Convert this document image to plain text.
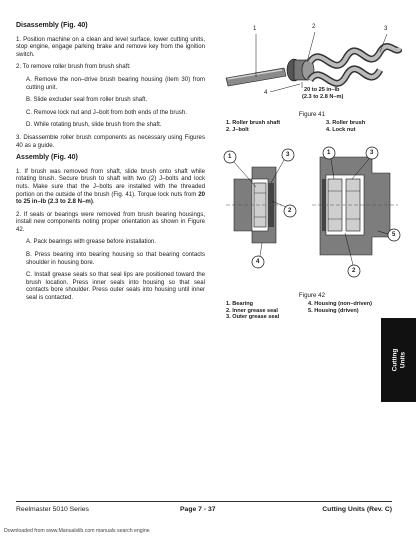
Disassembly (Fig. 40)

1. Position machine on a clean and level surface, lower cutting units, stop engine, engage parking brake and remove key from the ignition switch.

2. To remove roller brush from brush shaft:

A. Remove the non–drive brush bearing housing (item 30) from cutting unit.

B. Slide excluder seal from roller brush shaft.

C. Remove lock nut and J–bolt from both ends of the brush.

D. While rotating brush, slide brush from the shaft.

3. Disassemble roller brush components as necessary using Figures 40 as a guide.

Assembly (Fig. 40)

1. If brush was removed from shaft, slide brush onto shaft while rotating brush. Secure brush to shaft with two (2) J–bolts and lock nuts. Make sure that the J–bolts are installed with the threaded portion on the outside of the brush (Fig. 41). Torque lock nuts from 20 to 25 in–lb (2.3 to 2.8 N–m).

2. If seals or bearings were removed from brush bearing housings, install new components noting proper orientation as shown in Figure 42.

A. Pack bearings with grease before installation.

B. Press bearing into bearing housing so that bearing contacts shoulder in housing bore.

C. Install grease seals so that seal lips are positioned toward the brush location. Press inner seals into housing so that seal contacts bore shoulder. Press outer seals into housing until inner seal is contacted.

1	2	3
4	20 to 25 in–lb
(2.3 to 2.8 N–m)
Figure 41
1. Roller brush shaft	3. Roller brush
2. J–bolt	4. Lock nut
1	3
2
4
5
1	3
2
Figure 42
1. Bearing	4. Housing (non–driven)
2. Inner grease seal	5. Housing (driven)
3. Outer grease seal
Cutting
Units
Reelmaster 5010 Series	Page 7 - 37	Cutting Units (Rev. C)
Downloaded from www.Manualslib.com manuals search engine
